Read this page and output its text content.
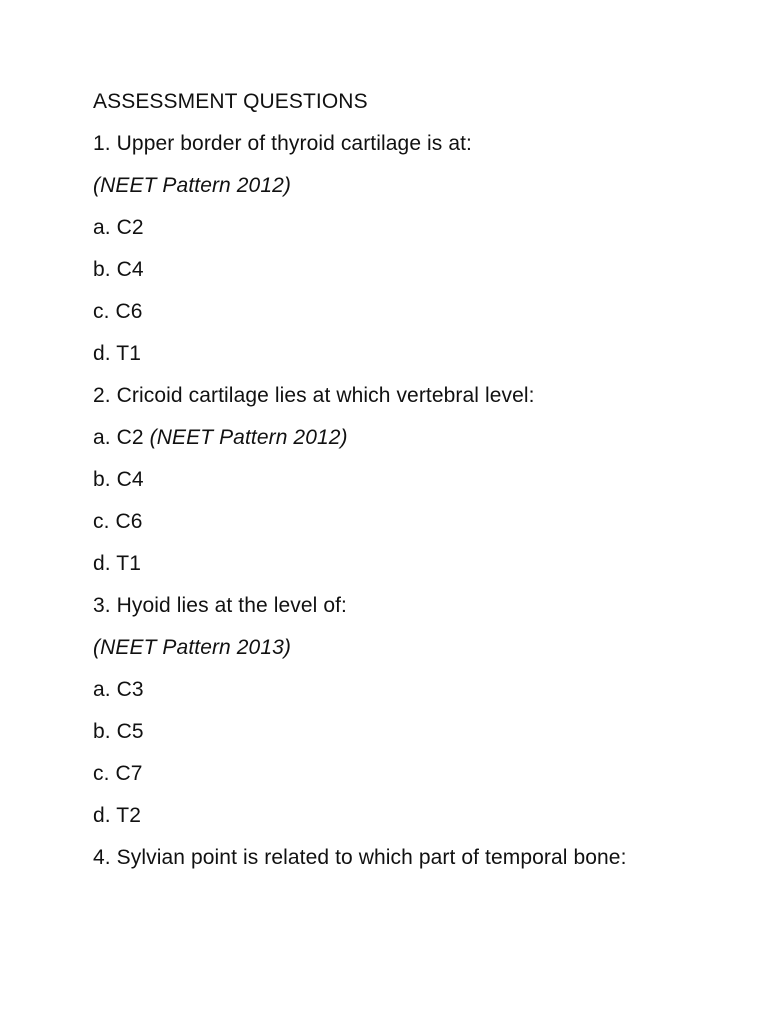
ASSESSMENT QUESTIONS
1. Upper border of thyroid cartilage is at:
(NEET Pattern 2012)
a. C2
b. C4
c. C6
d. T1
2. Cricoid cartilage lies at which vertebral level:
a. C2 (NEET Pattern 2012)
b. C4
c. C6
d. T1
3. Hyoid lies at the level of:
(NEET Pattern 2013)
a. C3
b. C5
c. C7
d. T2
4. Sylvian point is related to which part of temporal bone:
